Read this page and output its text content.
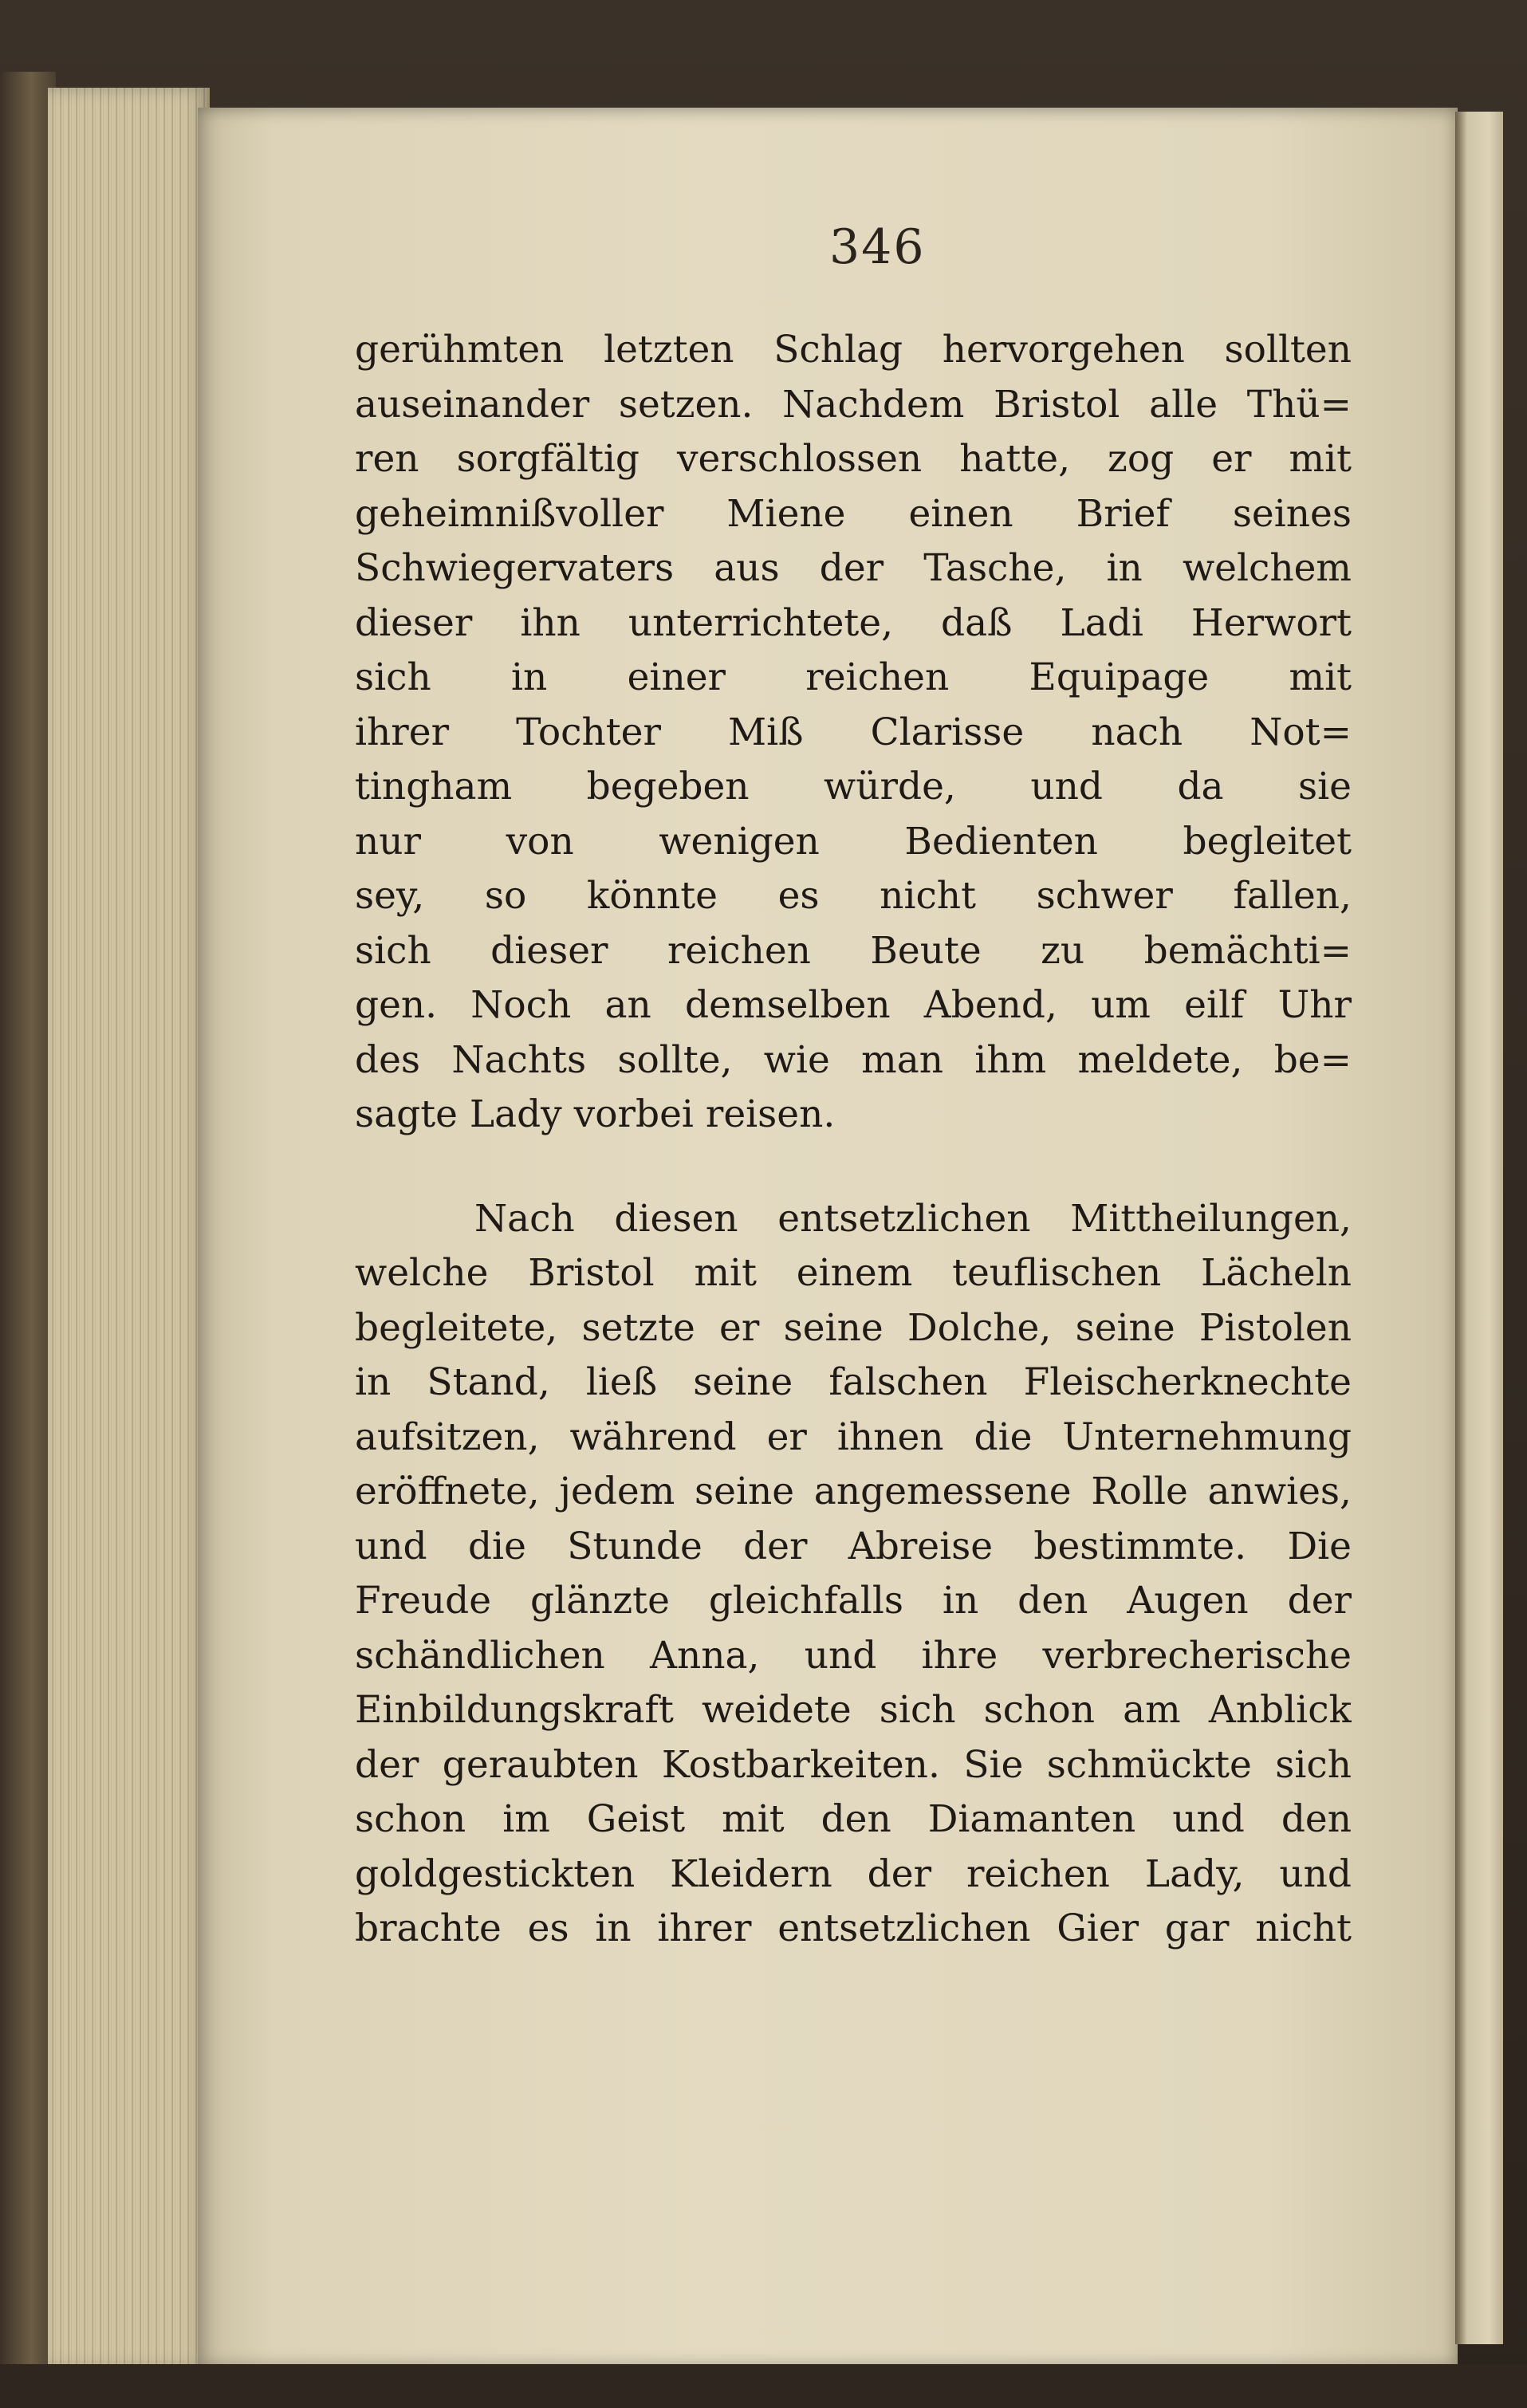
346
gerühmten letzten Schlag hervorgehen sollten
auseinander setzen. Nachdem Bristol alle Thü=
ren sorgfältig verschlossen hatte, zog er mit
geheimnißvoller Miene einen Brief seines
Schwiegervaters aus der Tasche, in welchem
dieser ihn unterrichtete, daß Ladi Herwort
sich in einer reichen Equipage mit
ihrer Tochter Miß Clarisse nach Not=
tingham begeben würde, und da sie
nur von wenigen Bedienten begleitet
sey, so könnte es nicht schwer fallen,
sich dieser reichen Beute zu bemächti=
gen. Noch an demselben Abend, um eilf Uhr
des Nachts sollte, wie man ihm meldete, be=
sagte Lady vorbei reisen.
Nach diesen entsetzlichen Mittheilungen,
welche Bristol mit einem teuflischen Lächeln
begleitete, setzte er seine Dolche, seine Pistolen
in Stand, ließ seine falschen Fleischerknechte
aufsitzen, während er ihnen die Unternehmung
eröffnete, jedem seine angemessene Rolle anwies,
und die Stunde der Abreise bestimmte. Die
Freude glänzte gleichfalls in den Augen der
schändlichen Anna, und ihre verbrecherische
Einbildungskraft weidete sich schon am Anblick
der geraubten Kostbarkeiten. Sie schmückte sich
schon im Geist mit den Diamanten und den
goldgestickten Kleidern der reichen Lady, und
brachte es in ihrer entsetzlichen Gier gar nicht
